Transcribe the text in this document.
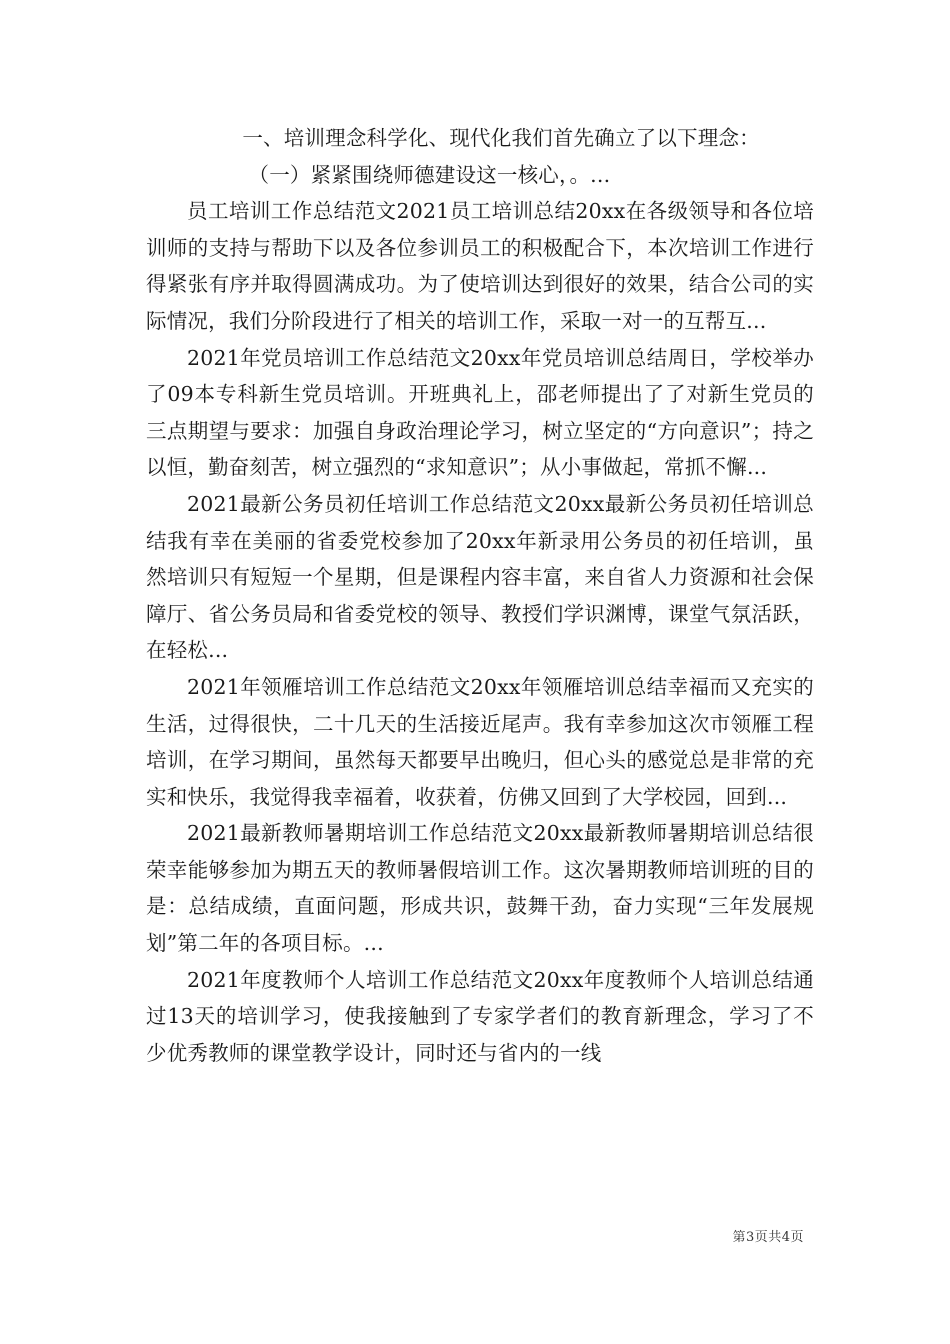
一、培训理念科学化、现代化我们首先确立了以下理念：

（一）紧紧围绕师德建设这一核心，。...

员工培训工作总结范文2021员工培训总结20xx在各级领导和各位培训师的支持与帮助下以及各位参训员工的积极配合下，本次培训工作进行得紧张有序并取得圆满成功。为了使培训达到很好的效果，结合公司的实际情况，我们分阶段进行了相关的培训工作，采取一对一的互帮互...

2021年党员培训工作总结范文20xx年党员培训总结周日，学校举办了09本专科新生党员培训。开班典礼上，邵老师提出了了对新生党员的三点期望与要求：加强自身政治理论学习，树立坚定的“方向意识”；持之以恒，勤奋刻苦，树立强烈的“求知意识”；从小事做起，常抓不懈...

2021最新公务员初任培训工作总结范文20xx最新公务员初任培训总结我有幸在美丽的省委党校参加了20xx年新录用公务员的初任培训，虽然培训只有短短一个星期，但是课程内容丰富，来自省人力资源和社会保障厅、省公务员局和省委党校的领导、教授们学识渊博，课堂气氛活跃，在轻松...

2021年领雁培训工作总结范文20xx年领雁培训总结幸福而又充实的生活，过得很快，二十几天的生活接近尾声。我有幸参加这次市领雁工程培训，在学习期间，虽然每天都要早出晚归，但心头的感觉总是非常的充实和快乐，我觉得我幸福着，收获着，仿佛又回到了大学校园，回到...

2021最新教师暑期培训工作总结范文20xx最新教师暑期培训总结很荣幸能够参加为期五天的教师暑假培训工作。这次暑期教师培训班的目的是：总结成绩，直面问题，形成共识，鼓舞干劲，奋力实现“三年发展规划”第二年的各项目标。...

2021年度教师个人培训工作总结范文20xx年度教师个人培训总结通过13天的培训学习，使我接触到了专家学者们的教育新理念，学习了不少优秀教师的课堂教学设计，同时还与省内的一线

第3页共4页
